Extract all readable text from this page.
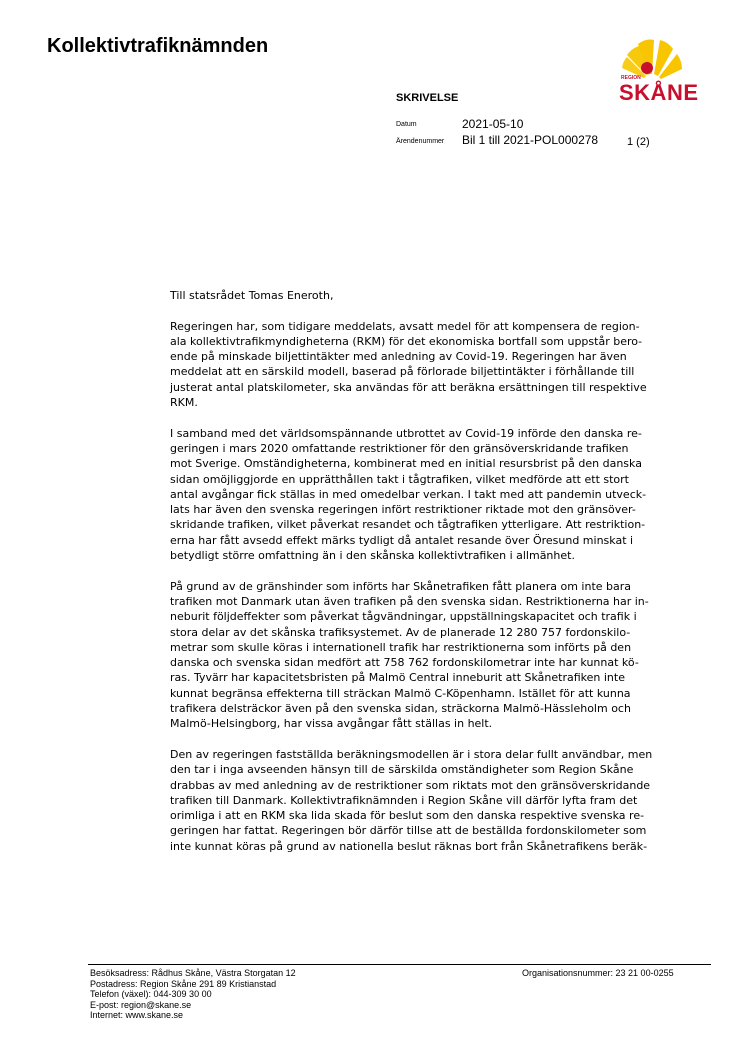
Kollektivtrafiknämnden
REGION
SKÅNE
SKRIVELSE
Datum	2021-05-10
Ärendenummer Bil 1 till 2021-POL000278	1 (2)

Till statsrådet Tomas Eneroth,

Regeringen har, som tidigare meddelats, avsatt medel för att kompensera de region-
ala kollektivtrafikmyndigheterna (RKM) för det ekonomiska bortfall som uppstår bero-
ende på minskade biljettintäkter med anledning av Covid-19. Regeringen har även
meddelat att en särskild modell, baserad på förlorade biljettintäkter i förhållande till
justerat antal platskilometer, ska användas för att beräkna ersättningen till respektive
RKM.

I samband med det världsomspännande utbrottet av Covid-19 införde den danska re-
geringen i mars 2020 omfattande restriktioner för den gränsöverskridande trafiken
mot Sverige. Omständigheterna, kombinerat med en initial resursbrist på den danska
sidan omöjliggjorde en upprätthållen takt i tågtrafiken, vilket medförde att ett stort
antal avgångar fick ställas in med omedelbar verkan. I takt med att pandemin utveck-
lats har även den svenska regeringen infört restriktioner riktade mot den gränsöver-
skridande trafiken, vilket påverkat resandet och tågtrafiken ytterligare. Att restriktion-
erna har fått avsedd effekt märks tydligt då antalet resande över Öresund minskat i
betydligt större omfattning än i den skånska kollektivtrafiken i allmänhet.

På grund av de gränshinder som införts har Skånetrafiken fått planera om inte bara
trafiken mot Danmark utan även trafiken på den svenska sidan. Restriktionerna har in-
neburit följdeffekter som påverkat tågvändningar, uppställningskapacitet och trafik i
stora delar av det skånska trafiksystemet. Av de planerade 12 280 757 fordonskilo-
metrar som skulle köras i internationell trafik har restriktionerna som införts på den
danska och svenska sidan medfört att 758 762 fordonskilometrar inte har kunnat kö-
ras. Tyvärr har kapacitetsbristen på Malmö Central inneburit att Skånetrafiken inte
kunnat begränsa effekterna till sträckan Malmö C-Köpenhamn. Istället för att kunna
trafikera delsträckor även på den svenska sidan, sträckorna Malmö-Hässleholm och
Malmö-Helsingborg, har vissa avgångar fått ställas in helt.

Den av regeringen fastställda beräkningsmodellen är i stora delar fullt användbar, men
den tar i inga avseenden hänsyn till de särskilda omständigheter som Region Skåne
drabbas av med anledning av de restriktioner som riktats mot den gränsöverskridande
trafiken till Danmark. Kollektivtrafiknämnden i Region Skåne vill därför lyfta fram det
orimliga i att en RKM ska lida skada för beslut som den danska respektive svenska re-
geringen har fattat. Regeringen bör därför tillse att de beställda fordonskilometer som
inte kunnat köras på grund av nationella beslut räknas bort från Skånetrafikens beräk-

Besöksadress: Rådhus Skåne, Västra Storgatan 12
Postadress: Region Skåne 291 89 Kristianstad
Telefon (växel): 044-309 30 00
E-post: region@skane.se
Internet: www.skane.se
Organisationsnummer: 23 21 00-0255
